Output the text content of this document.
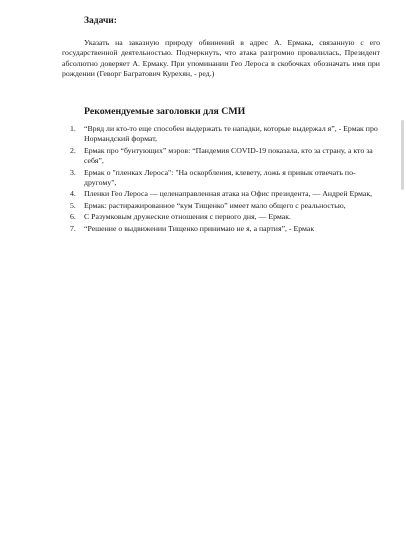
Задачи:
Указать на заказную природу обвинений в адрес А. Ермака, связанную с его государственной деятельностью. Подчеркнуть, что атака разгромно провалилась, Президент абсолютно доверяет А. Ермаку. При упоминании Гео Лероса в скобочках обозначать имя при рождении (Геворг Багратович Курехян, - ред.)
Рекомендуемые заголовки для СМИ
1. “Вряд ли кто-то еще способен выдержать те нападки, которые выдержал я”, - Ермак про Нормандский формат,
2. Ермак про “бунтующих” мэров: “Пандемия COVID-19 показала, кто за страну, а кто за себя”,
3. Ермак о "пленках Лероса": "На оскорбления, клевету, ложь я привык отвечать по-другому",
4. Пленки Гео Лероса — целенаправленная атака на Офис президента, — Андрей Ермак,
5. Ермак: растиражированное “кум Тищенко” имеет мало общего с реальностью,
6. С Разумковым дружеские отношения с первого дня, — Ермак.
7. “Решение о выдвижении Тищенко принимаю не я, а партия”, - Ермак
